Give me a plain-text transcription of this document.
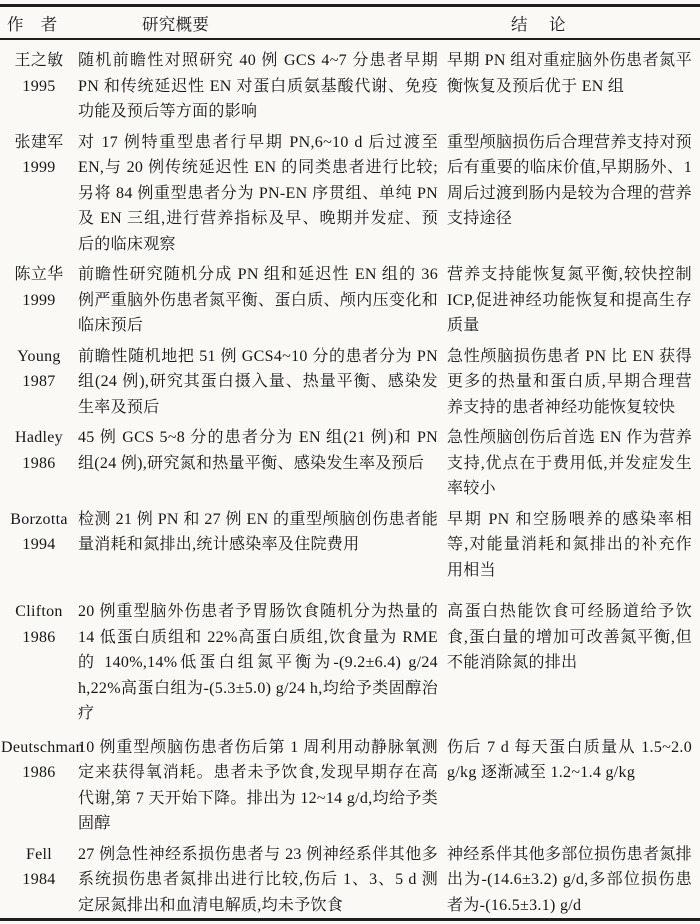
作　者	研究概要	结　 论
王之敏
1995
随机前瞻性对照研究 40 例 GCS 4~7 分患者早期 PN 和传统延迟性 EN 对蛋白质氨基酸代谢、免疫功能及预后等方面的影响
早期 PN 组对重症脑外伤患者氮平衡恢复及预后优于 EN 组
张建军
1999
对 17 例特重型患者行早期 PN,6~10 d 后过渡至 EN,与 20 例传统延迟性 EN 的同类患者进行比较;另将 84 例重型患者分为 PN-EN 序贯组、单纯 PN 及 EN 三组,进行营养指标及早、晚期并发症、预后的临床观察
重型颅脑损伤后合理营养支持对预后有重要的临床价值,早期肠外、1 周后过渡到肠内是较为合理的营养支持途径
陈立华
1999
前瞻性研究随机分成 PN 组和延迟性 EN 组的 36 例严重脑外伤患者氮平衡、蛋白质、颅内压变化和临床预后
营养支持能恢复氮平衡,较快控制 ICP,促进神经功能恢复和提高生存质量
Young
1987
前瞻性随机地把 51 例 GCS4~10 分的患者分为 PN 组(24 例),研究其蛋白摄入量、热量平衡、感染发生率及预后
急性颅脑损伤患者 PN 比 EN 获得更多的热量和蛋白质,早期合理营养支持的患者神经功能恢复较快
Hadley
1986
45 例 GCS 5~8 分的患者分为 EN 组(21 例)和 PN 组(24 例),研究氮和热量平衡、感染发生率及预后
急性颅脑创伤后首选 EN 作为营养支持,优点在于费用低,并发症发生率较小
Borzotta
1994
检测 21 例 PN 和 27 例 EN 的重型颅脑创伤患者能量消耗和氮排出,统计感染率及住院费用
早期 PN 和空肠喂养的感染率相等,对能量消耗和氮排出的补充作用相当
Clifton
1986
20 例重型脑外伤患者予胃肠饮食随机分为热量的 14 低蛋白质组和 22%高蛋白质组,饮食量为 RME 的 140%,14%低蛋白组氮平衡为-(9.2±6.4) g/24 h,22%高蛋白组为-(5.3±5.0) g/24 h,均给予类固醇治疗
高蛋白热能饮食可经肠道给予饮食,蛋白量的增加可改善氮平衡,但不能消除氮的排出
Deutschman
1986
10 例重型颅脑伤患者伤后第 1 周利用动静脉氧测定来获得氧消耗。患者未予饮食,发现早期存在高代谢,第 7 天开始下降。排出为 12~14 g/d,均给予类固醇
伤后 7 d 每天蛋白质量从 1.5~2.0 g/kg 逐渐减至 1.2~1.4 g/kg
Fell
1984
27 例急性神经系损伤患者与 23 例神经系伴其他多系统损伤患者氮排出进行比较,伤后 1、3、5 d 测定尿氮排出和血清电解质,均未予饮食
神经系伴其他多部位损伤患者氮排出为-(14.6±3.2) g/d,多部位损伤患者为-(16.5±3.1) g/d
